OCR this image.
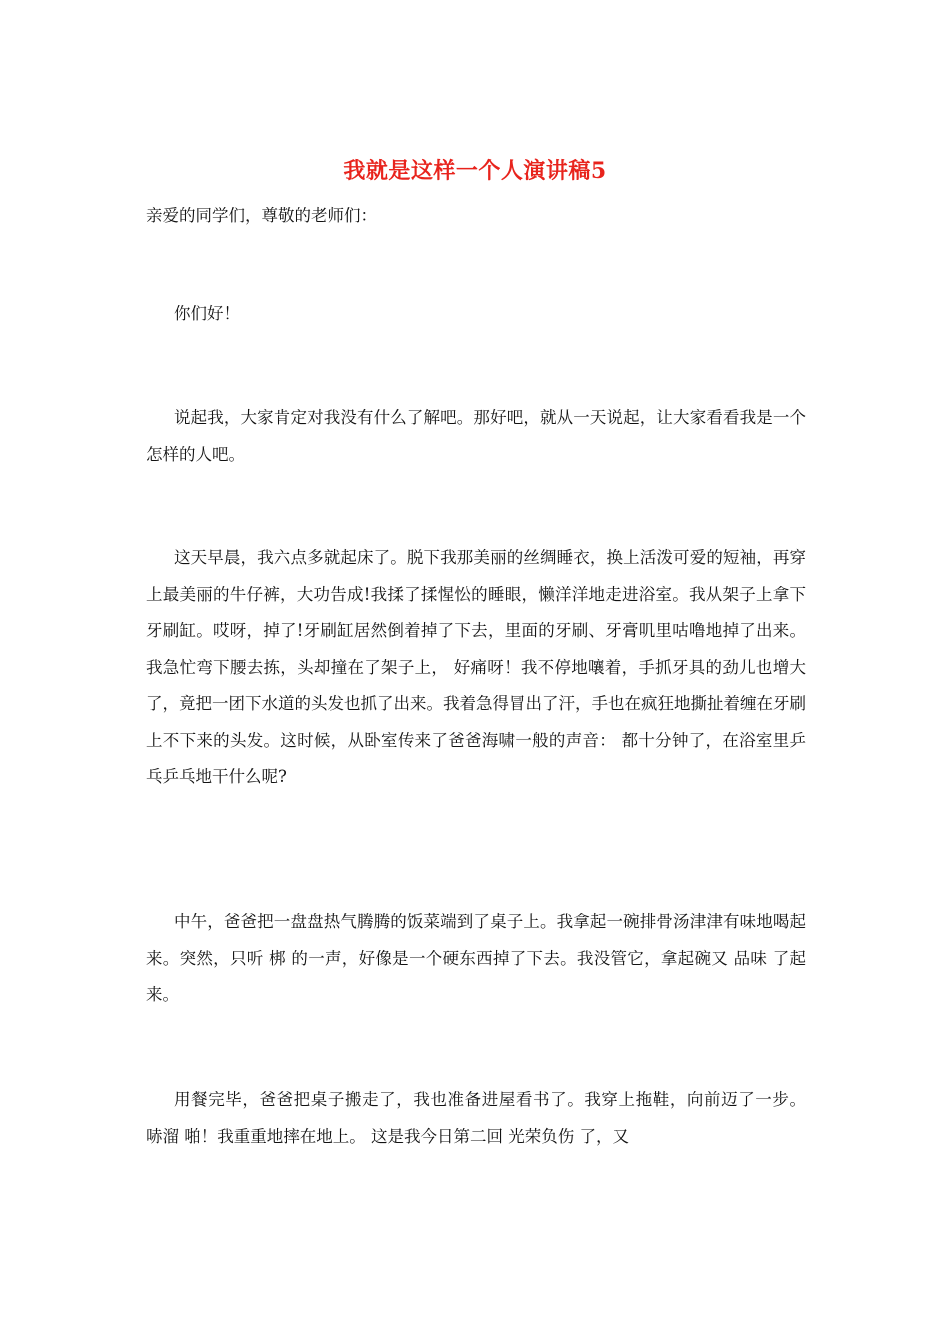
我就是这样一个人演讲稿5

亲爱的同学们，尊敬的老师们：

你们好！

说起我，大家肯定对我没有什么了解吧。那好吧，就从一天说起，让大家看看我是一个怎样的人吧。

这天早晨，我六点多就起床了。脱下我那美丽的丝绸睡衣，换上活泼可爱的短袖，再穿上最美丽的牛仔裤，大功告成!我揉了揉惺忪的睡眼，懒洋洋地走进浴室。我从架子上拿下牙刷缸。哎呀，掉了!牙刷缸居然倒着掉了下去，里面的牙刷、牙膏叽里咕噜地掉了出来。我急忙弯下腰去拣，头却撞在了架子上， 好痛呀！我不停地嚷着，手抓牙具的劲儿也增大了，竟把一团下水道的头发也抓了出来。我着急得冒出了汗，手也在疯狂地撕扯着缠在牙刷上不下来的头发。这时候，从卧室传来了爸爸海啸一般的声音： 都十分钟了，在浴室里乒乓乒乓地干什么呢?

中午，爸爸把一盘盘热气腾腾的饭菜端到了桌子上。我拿起一碗排骨汤津津有味地喝起来。突然，只听 梆 的一声，好像是一个硬东西掉了下去。我没管它，拿起碗又 品味 了起来。

用餐完毕，爸爸把桌子搬走了，我也准备进屋看书了。我穿上拖鞋，向前迈了一步。 哧溜 啪！我重重地摔在地上。 这是我今日第二回 光荣负伤 了，又
